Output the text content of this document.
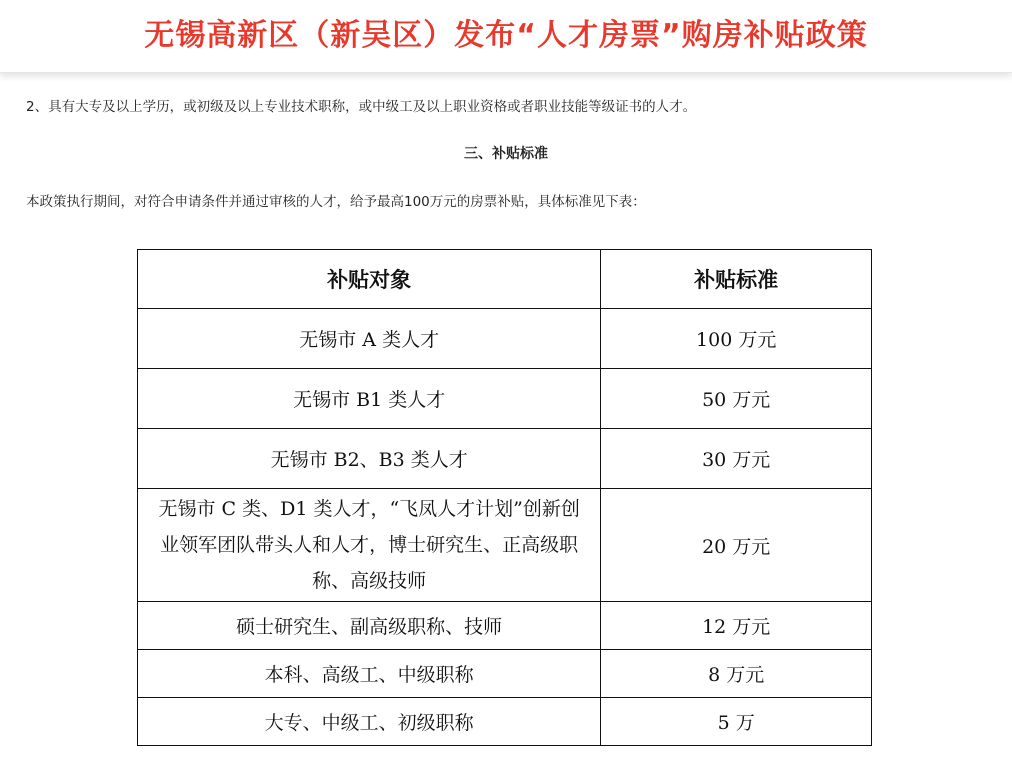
无锡高新区（新吴区）发布“人才房票”购房补贴政策
2、具有大专及以上学历，或初级及以上专业技术职称，或中级工及以上职业资格或者职业技能等级证书的人才。
三、补贴标准
本政策执行期间，对符合申请条件并通过审核的人才，给予最高100万元的房票补贴，具体标准见下表：
补贴对象	补贴标准
无锡市 A 类人才	100 万元
无锡市 B1 类人才	50 万元
无锡市 B2、B3 类人才	30 万元
无锡市 C 类、D1 类人才，“飞凤人才计划”创新创业领军团队带头人和人才，博士研究生、正高级职称、高级技师	20 万元
硕士研究生、副高级职称、技师	12 万元
本科、高级工、中级职称	8 万元
大专、中级工、初级职称	5 万
